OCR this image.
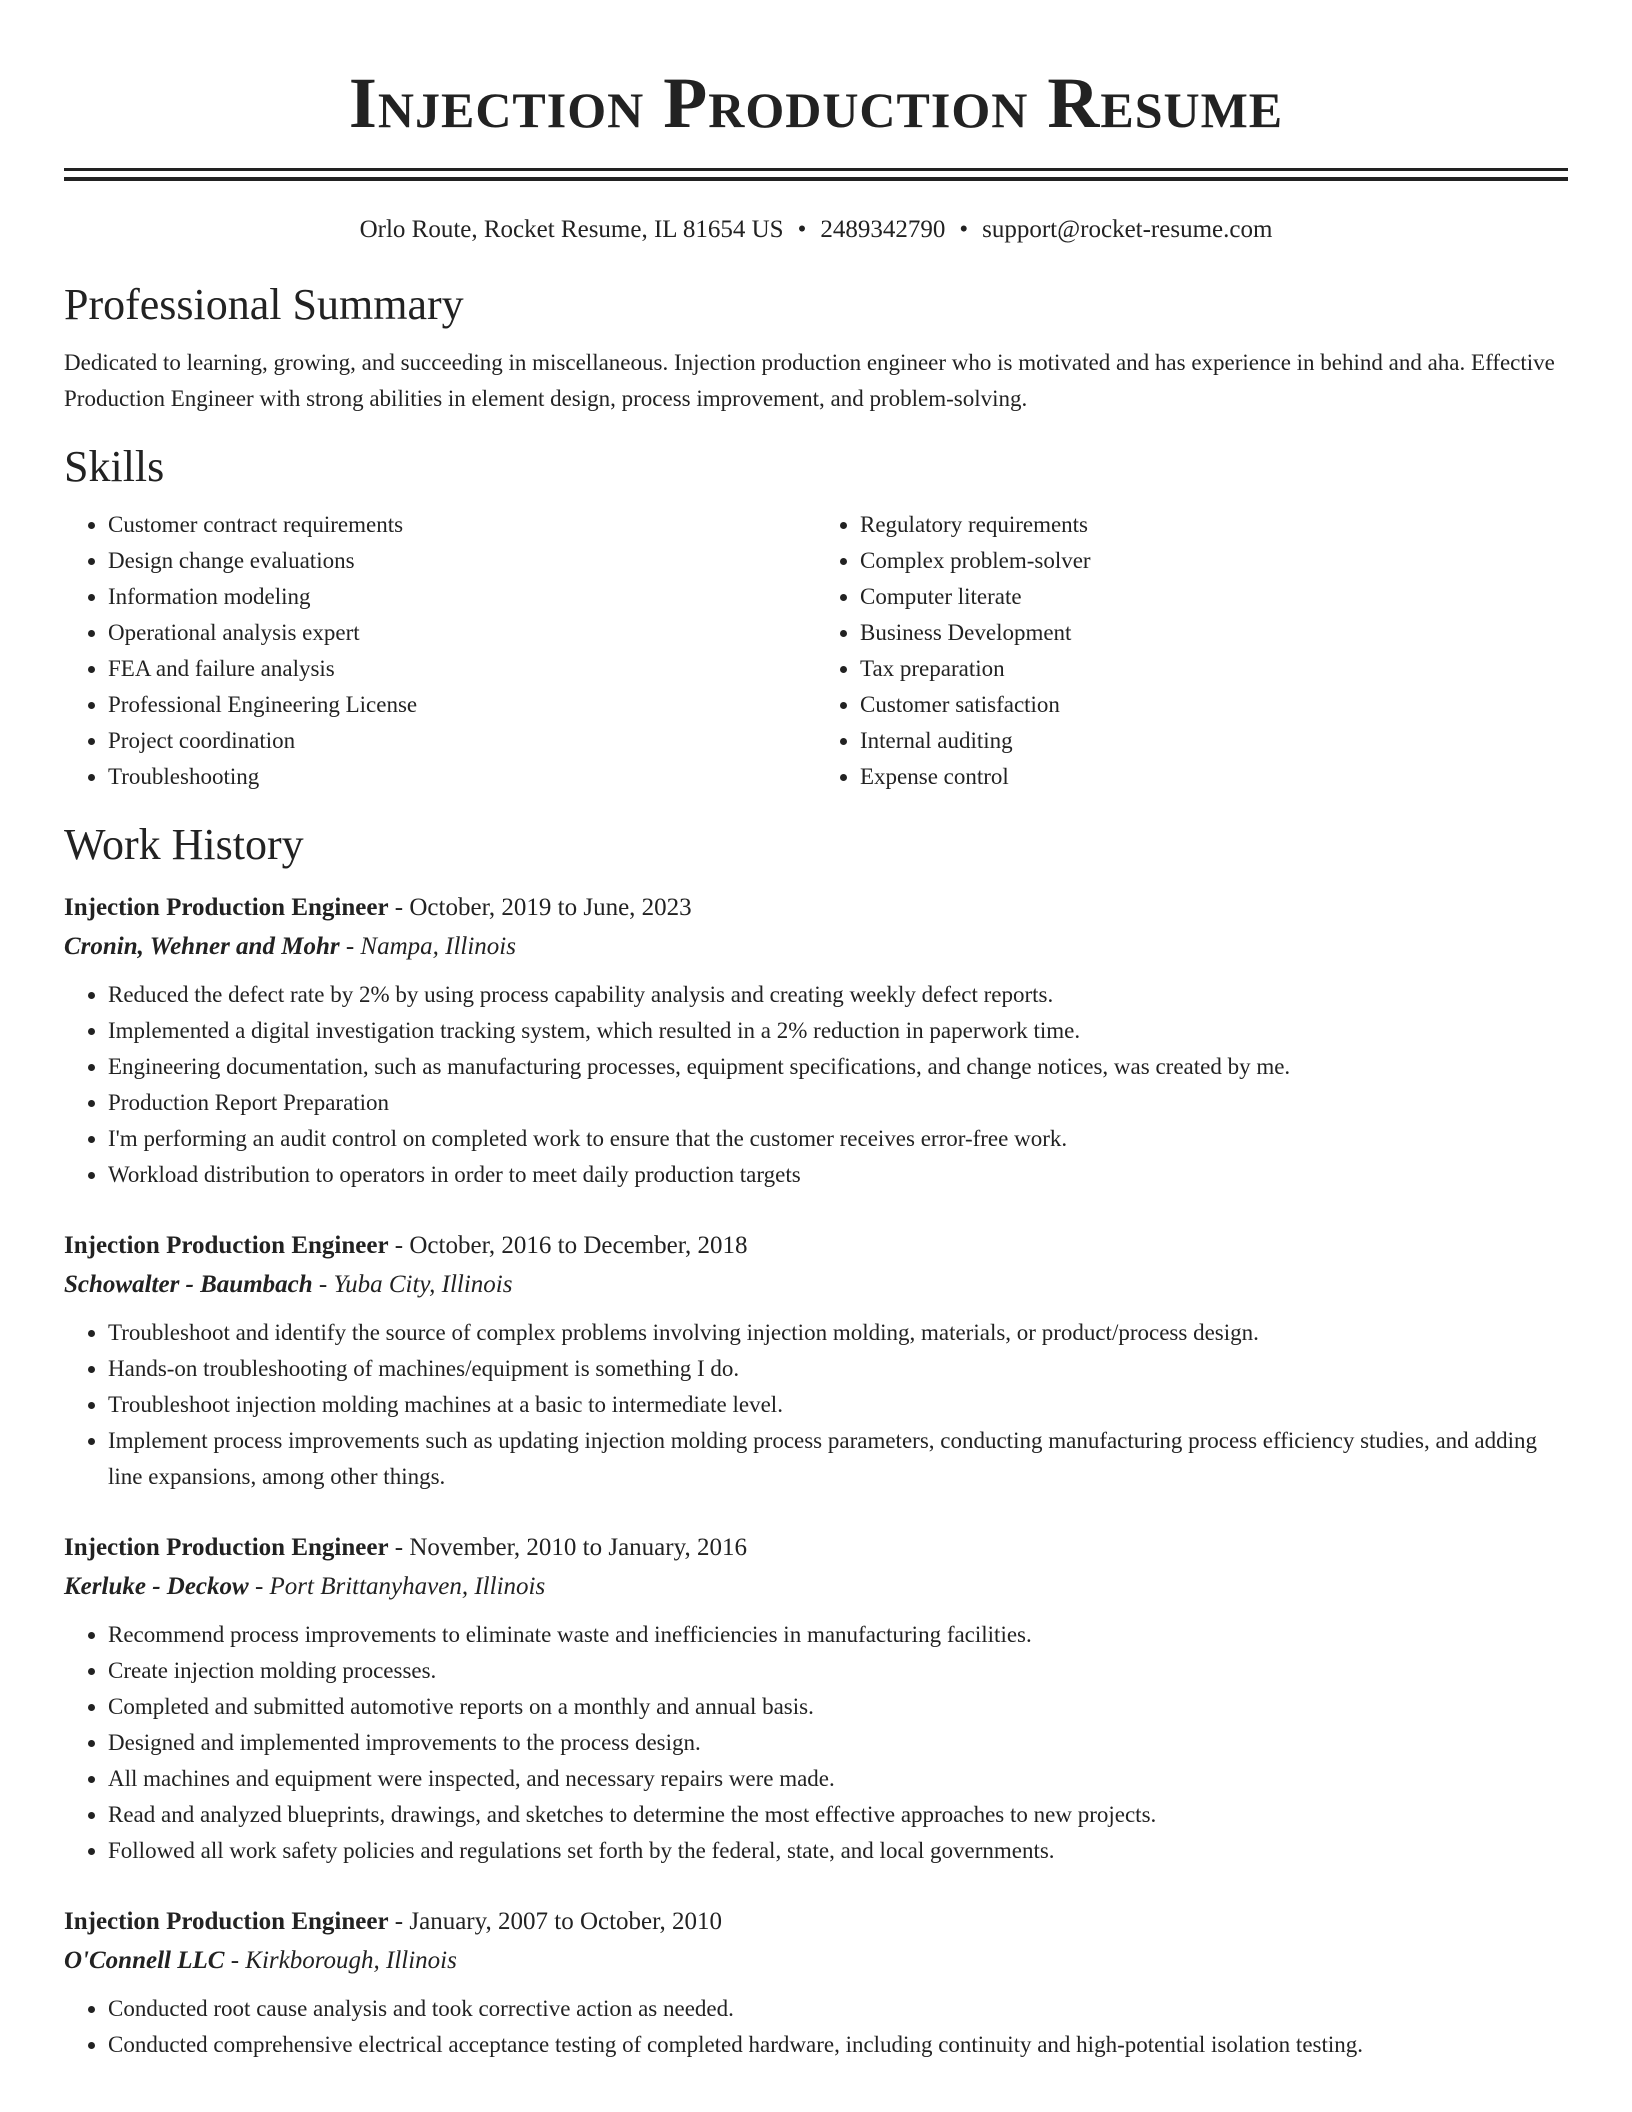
Injection Production Resume
Orlo Route, Rocket Resume, IL 81654 US • 2489342790 • support@rocket-resume.com
Professional Summary

Dedicated to learning, growing, and succeeding in miscellaneous. Injection production engineer who is motivated and has experience in behind and aha. Effective Production Engineer with strong abilities in element design, process improvement, and problem-solving.

Skills
• Customer contract requirements
• Design change evaluations
• Information modeling
• Operational analysis expert
• FEA and failure analysis
• Professional Engineering License
• Project coordination
• Troubleshooting
• Regulatory requirements
• Complex problem-solver
• Computer literate
• Business Development
• Tax preparation
• Customer satisfaction
• Internal auditing
• Expense control
Work History
Injection Production Engineer - October, 2019 to June, 2023
Cronin, Wehner and Mohr - Nampa, Illinois
• Reduced the defect rate by 2% by using process capability analysis and creating weekly defect reports.
• Implemented a digital investigation tracking system, which resulted in a 2% reduction in paperwork time.
• Engineering documentation, such as manufacturing processes, equipment specifications, and change notices, was created by me.
• Production Report Preparation
• I'm performing an audit control on completed work to ensure that the customer receives error-free work.
• Workload distribution to operators in order to meet daily production targets
Injection Production Engineer - October, 2016 to December, 2018
Schowalter - Baumbach - Yuba City, Illinois
• Troubleshoot and identify the source of complex problems involving injection molding, materials, or product/process design.
• Hands-on troubleshooting of machines/equipment is something I do.
• Troubleshoot injection molding machines at a basic to intermediate level.
• Implement process improvements such as updating injection molding process parameters, conducting manufacturing process efficiency studies, and adding line expansions, among other things.
Injection Production Engineer - November, 2010 to January, 2016
Kerluke - Deckow - Port Brittanyhaven, Illinois
• Recommend process improvements to eliminate waste and inefficiencies in manufacturing facilities.
• Create injection molding processes.
• Completed and submitted automotive reports on a monthly and annual basis.
• Designed and implemented improvements to the process design.
• All machines and equipment were inspected, and necessary repairs were made.
• Read and analyzed blueprints, drawings, and sketches to determine the most effective approaches to new projects.
• Followed all work safety policies and regulations set forth by the federal, state, and local governments.
Injection Production Engineer - January, 2007 to October, 2010
O'Connell LLC - Kirkborough, Illinois
• Conducted root cause analysis and took corrective action as needed.
• Conducted comprehensive electrical acceptance testing of completed hardware, including continuity and high-potential isolation testing.
